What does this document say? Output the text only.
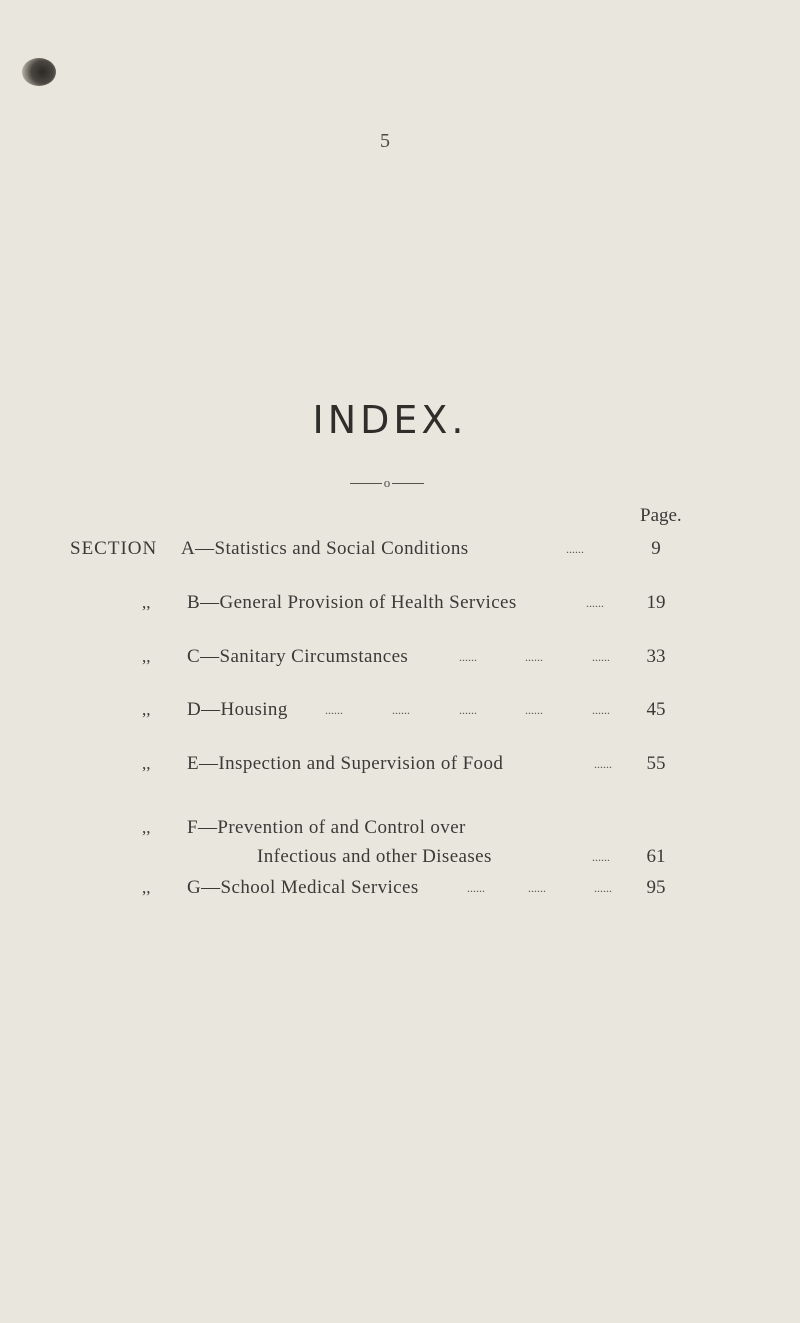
5
INDEX.
o
Page.
SECTION A—Statistics and Social Conditions	......	9
,, B—General Provision of Health Services	......	19
,, C—Sanitary Circumstances	......	......	......	33
,, D—Housing	......	......	......	......	......	45
,, E—Inspection and Supervision of Food	......	55
,, F—Prevention of and Control over
Infectious and other Diseases	......	61
,, G—School Medical Services	......	......	......	95
